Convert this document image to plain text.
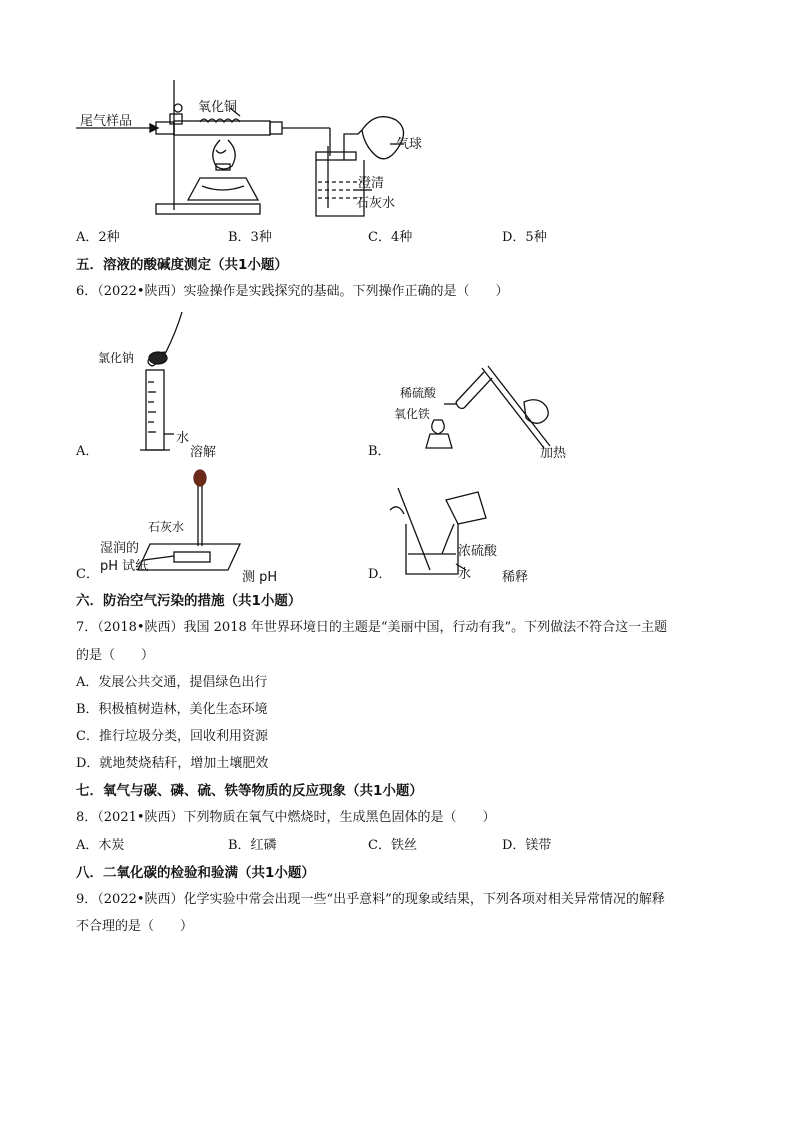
尾气样品
氧化铜
气球
澄清
石灰水
A．2种	B．3种	C．4种	D．5种
五．溶液的酸碱度测定（共1小题）
6．（2022•陕西）实验操作是实践探究的基础。下列操作正确的是（　　）
氯化钠
水
溶解
A．
稀硫酸
氧化铁
加热
B．
石灰水
湿润的
pH 试纸
测 pH
C．
浓硫酸
水 稀释
D．
六．防治空气污染的措施（共1小题）
7．（2018•陕西）我国 2018 年世界环境日的主题是“美丽中国，行动有我”。下列做法不符合这一主题
的是（　　）
A．发展公共交通，提倡绿色出行
B．积极植树造林，美化生态环境
C．推行垃圾分类，回收利用资源
D．就地焚烧秸秆，增加土壤肥效
七．氧气与碳、磷、硫、铁等物质的反应现象（共1小题）
8．（2021•陕西）下列物质在氧气中燃烧时，生成黑色固体的是（　　）
A．木炭	B．红磷	C．铁丝	D．镁带
八．二氧化碳的检验和验满（共1小题）
9．（2022•陕西）化学实验中常会出现一些“出乎意料”的现象或结果，下列各项对相关异常情况的解释
不合理的是（　　）
